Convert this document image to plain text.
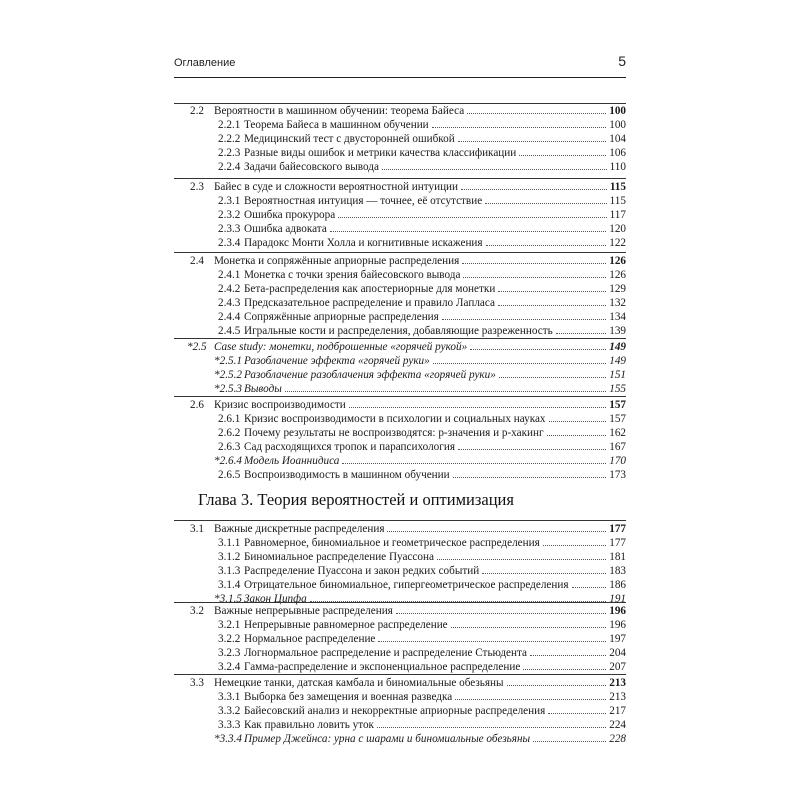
Оглавление	5
2.2 Вероятности в машинном обучении: теорема Байеса	100
2.2.1 Теорема Байеса в машинном обучении	100
2.2.2 Медицинский тест с двусторонней ошибкой	104
2.2.3 Разные виды ошибок и метрики качества классификации	106
2.2.4 Задачи байесовского вывода	110
2.3 Байес в суде и сложности вероятностной интуиции	115
2.3.1 Вероятностная интуиция — точнее, её отсутствие	115
2.3.2 Ошибка прокурора	117
2.3.3 Ошибка адвоката	120
2.3.4 Парадокс Монти Холла и когнитивные искажения	122
2.4 Монетка и сопряжённые априорные распределения	126
2.4.1 Монетка с точки зрения байесовского вывода	126
2.4.2 Бета-распределения как апостериорные для монетки	129
2.4.3 Предсказательное распределение и правило Лапласа	132
2.4.4 Сопряжённые априорные распределения	134
2.4.5 Игральные кости и распределения, добавляющие разреженность	139
*2.5 Case study: монетки, подброшенные «горячей рукой»	149
*2.5.1 Разоблачение эффекта «горячей руки»	149
*2.5.2 Разоблачение разоблачения эффекта «горячей руки»	151
*2.5.3 Выводы	155
2.6 Кризис воспроизводимости	157
2.6.1 Кризис воспроизводимости в психологии и социальных науках	157
2.6.2 Почему результаты не воспроизводятся: p-значения и p-хакинг	162
2.6.3 Сад расходящихся тропок и парапсихология	167
*2.6.4 Модель Иоаннидиса	170
2.6.5 Воспроизводимость в машинном обучении	173
3.1 Важные дискретные распределения	177
3.1.1 Равномерное, биномиальное и геометрическое распределения	177
3.1.2 Биномиальное распределение Пуассона	181
3.1.3 Распределение Пуассона и закон редких событий	183
3.1.4 Отрицательное биномиальное, гипергеометрическое распределения	186
*3.1.5 Закон Ципфа	191
3.2 Важные непрерывные распределения	196
3.2.1 Непрерывные равномерное распределение	196
3.2.2 Нормальное распределение	197
3.2.3 Логнормальное распределение и распределение Стьюдента	204
3.2.4 Гамма-распределение и экспоненциальное распределение	207
3.3 Немецкие танки, датская камбала и биномиальные обезьяны	213
3.3.1 Выборка без замещения и военная разведка	213
3.3.2 Байесовский анализ и некорректные априорные распределения	217
3.3.3 Как правильно ловить уток	224
*3.3.4 Пример Джейнса: урна с шарами и биномиальные обезьяны	228
Глава 3. Теория вероятностей и оптимизация
